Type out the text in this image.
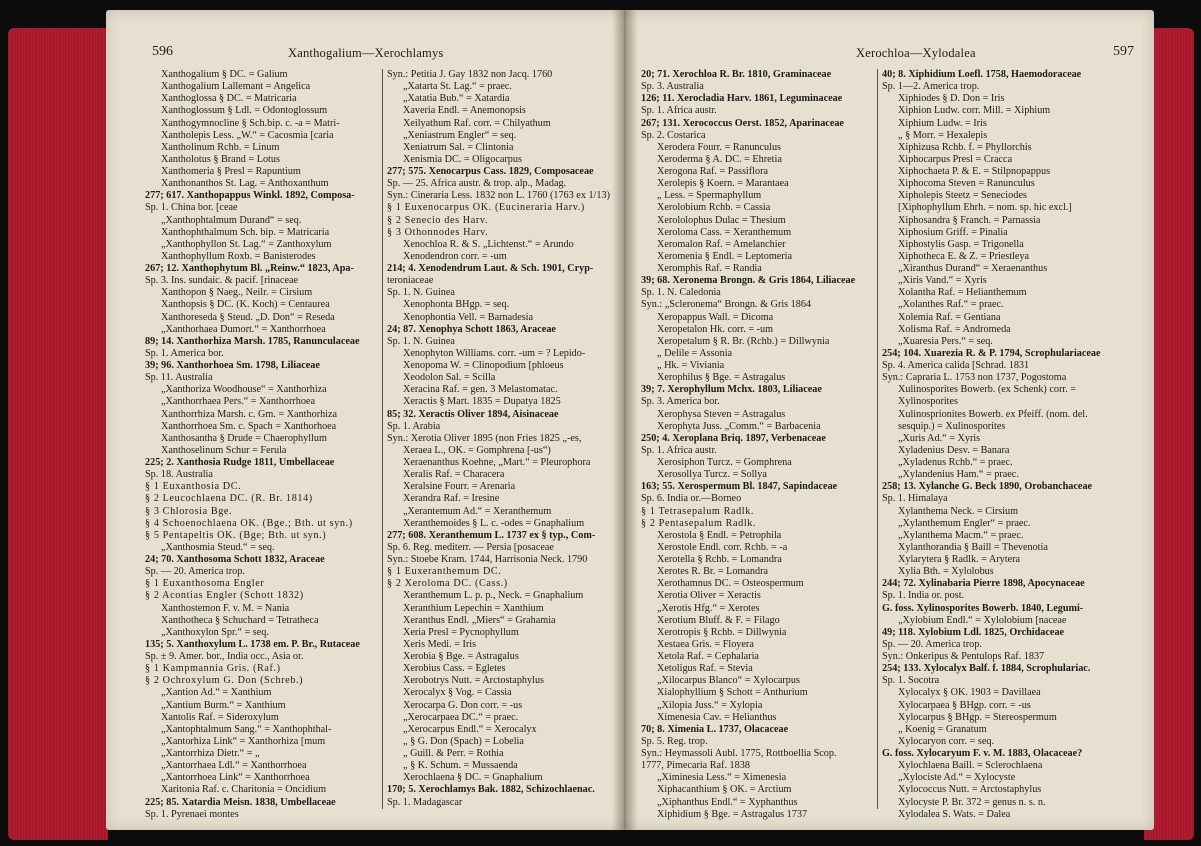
596	Xanthogalium—Xerochlamys
Xanthogalium § DC. = Galium
Xanthogalium Lallemant = Angelica
Xanthoglossa § DC. = Matricaria
Xanthoglossum § Ldl. = Odontoglossum
Xanthogymnocline § Sch.bip. c. -a = Matri-
Xantholepis Less. „W.“ = Cacosmia [caria
Xantholinum Rchb. = Linum
Xantholotus § Brand = Lotus
Xanthomeria § Presl = Rapuntium
Xanthonanthos St. Lag. = Anthoxanthum
277; 617. Xanthopappus Winkl. 1892, Composa-
Sp. 1. China bor. [ceae
„Xanthophtalmum Durand“ = seq.
Xanthophthalmum Sch. bip. = Matricaria
„Xanthophyllon St. Lag.“ = Zanthoxylum
Xanthophyllum Roxb. = Banisterodes
267; 12. Xanthophytum Bl. „Reinw.“ 1823, Apa-
Sp. 3. Ins. sundaic. & pacif. [rinaceae
Xanthopon § Naeg., Neilr. = Cirsium
Xanthopsis § DC. (K. Koch) = Centaurea
Xanthoreseda § Steud. „D. Don“ = Reseda
„Xanthorhaea Dumort.“ = Xanthorrhoea
89; 14. Xanthorhiza Marsh. 1785, Ranunculaceae
Sp. 1. America bor.
39; 96. Xanthorhoea Sm. 1798, Liliaceae
Sp. 11. Australia
„Xanthoriza Woodhouse“ = Xanthorhiza
„Xanthorrhaea Pers.“ = Xanthorrhoea
Xanthorrhiza Marsh. c. Gm. = Xanthorhiza
Xanthorrhoea Sm. c. Spach = Xanthorhoea
Xanthosantha § Drude = Chaerophyllum
Xanthoselinum Schur = Ferula
225; 2. Xanthosia Rudge 1811, Umbellaceae
Sp. 18. Australia
§ 1 Euxanthosia DC.
§ 2 Leucochlaena DC. (R. Br. 1814)
§ 3 Chlorosia Bge.
§ 4 Schoenochlaena OK. (Bge.; Bth. ut syn.)
§ 5 Pentapeltis OK. (Bge; Bth. ut syn.)
„Xanthosmia Steud.“ = seq.
24; 70. Xanthosoma Schott 1832, Araceae
Sp. — 20. America trop.
§ 1 Euxanthosoma Engler
§ 2 Acontias Engler (Schott 1832)
Xanthostemon F. v. M. = Nania
Xanthotheca § Schuchard = Tetratheca
„Xanthoxylon Spr.“ = seq.
135; 5. Xanthoxylum L. 1738 em. P. Br., Rutaceae
Sp. ± 9. Amer. bor., India occ., Asia or.
§ 1 Kampmannia Gris. (Raf.)
§ 2 Ochroxylum G. Don (Schreb.)
„Xantion Ad.“ = Xanthium
„Xantium Burm.“ = Xanthium
Xantolis Raf. = Sideroxylum
„Xantophtalmum Sang.“ = Xanthophthal-
„Xantorhiza Link“ = Xanthorhiza [mum
„Xantorrhiza Dietr.“ = „
„Xantorrhaea Ldl.“ = Xanthorrhoea
„Xantorrhoea Link“ = Xanthorrhoea
Xaritonia Raf. c. Charitonia = Oncidium
225; 85. Xatardia Meisn. 1838, Umbellaceae
Sp. 1. Pyrenaei montes
Syn.: Petitia J. Gay 1832 non Jacq. 1760
„Xatarta St. Lag.“ = praec.
„Xatatia Bub.“ = Xatardia
Xaveria Endl. = Anemonopsis
Xeilyathum Raf. corr. = Chilyathum
„Xeniastrum Engler“ = seq.
Xeniatrum Sal. = Clintonia
Xenismia DC. = Oligocarpus
277; 575. Xenocarpus Cass. 1829, Composaceae
Sp. — 25. Africa austr. & trop. alp., Madag.
Syn.: Cineraria Less. 1832 non L. 1760 (1763 ex 1/13)
§ 1 Euxenocarpus OK. (Eucineraria Harv.)
§ 2 Senecio des Harv.
§ 3 Othonnodes Harv.
Xenochloa R. & S. „Lichtenst.“ = Arundo
Xenodendron corr. = -um
214; 4. Xenodendrum Laut. & Sch. 1901, Cryp-
teroniaceae
Sp. 1. N. Guinea
Xenophonta BHgp. = seq.
Xenophontia Vell. = Barnadesia
24; 87. Xenophya Schott 1863, Araceae
Sp. 1. N. Guinea
Xenophyton Williams. corr. -um = ? Lepido-
Xenopoma W. = Clinopodium [phloeus
Xeodolon Sal. = Scilla
Xeracina Raf. = gen. 3 Melastomatac.
Xeractis § Mart. 1835 = Dupatya 1825
85; 32. Xeractis Oliver 1894, Aisinaceae
Sp. 1. Arabia
Syn.: Xerotia Oliver 1895 (non Fries 1825 „-es,
Xeraea L., OK. = Gomphrena [-us“)
Xeraenanthus Koehne, „Mart.“ = Pleurophora
Xeralis Raf. = Characera
Xeralsine Fourr. = Arenaria
Xerandra Raf. = Iresine
„Xerantemum Ad.“ = Xeranthemum
Xeranthemoides § L. c. -odes = Gnaphalium
277; 608. Xeranthemum L. 1737 ex § typ., Com-
Sp. 6. Reg. mediterr. — Persia [posaceae
Syn.: Stoebe Kram. 1744, Harrisonia Neck. 1790
§ 1 Euxeranthemum DC.
§ 2 Xeroloma DC. (Cass.)
Xeranthemum L. p. p., Neck. = Gnaphalium
Xeranthium Lepechin = Xanthium
Xeranthus Endl. „Miers“ = Grahamia
Xeria Presl = Pycnophyllum
Xeris Medi. = Iris
Xerobia § Bge. = Astragalus
Xerobius Cass. = Egletes
Xerobotrys Nutt. = Arctostaphylus
Xerocalyx § Vog. = Cassia
Xerocarpa G. Don corr. = -us
„Xerocarpaea DC.“ = praec.
„Xerocarpus Endl.“ = Xerocalyx
„ § G. Don (Spach) = Lobelia
„ Guill. & Perr. = Rothia
„ § K. Schum. = Mussaenda
Xerochlaena § DC. = Gnaphalium
170; 5. Xerochlamys Bak. 1882, Schizochlaenac.
Sp. 1. Madagascar
597
Xerochloa—Xylodalea
20; 71. Xerochloa R. Br. 1810, Graminaceae
Sp. 3. Australia
126; 11. Xerocladia Harv. 1861, Leguminaceae
Sp. 1. Africa austr.
267; 131. Xerococcus Oerst. 1852, Aparinaceae
Sp. 2. Costarica
Xerodera Fourr. = Ranunculus
Xeroderma § A. DC. = Ehretia
Xerogona Raf. = Passiflora
Xerolepis § Koern. = Marantaea
„ Less. = Spermaphyllum
Xerolobium Rchb. = Cassia
Xerololophus Dulac = Thesium
Xeroloma Cass. = Xeranthemum
Xeromalon Raf. = Amelanchier
Xeromenia § Endl. = Leptomeria
Xeromphis Raf. = Randia
39; 68. Xeronema Brongn. & Gris 1864, Liliaceae
Sp. 1. N. Caledonia
Syn.: „Scleronema“ Brongn. & Gris 1864
Xeropappus Wall. = Dicoma
Xeropetalon Hk. corr. = -um
Xeropetalum § R. Br. (Rchb.) = Dillwynia
„ Delile = Assonia
„ Hk. = Viviania
Xerophilus § Bge. = Astragalus
39; 7. Xerophyllum Mchx. 1803, Liliaceae
Sp. 3. America bor.
Xerophysa Steven = Astragalus
Xerophyta Juss. „Comm.“ = Barbacenia
250; 4. Xeroplana Briq. 1897, Verbenaceae
Sp. 1. Africa austr.
Xerosiphon Turcz. = Gomphrena
Xerosollya Turcz. = Sollya
163; 55. Xerospermum Bl. 1847, Sapindaceae
Sp. 6. India or.—Borneo
§ 1 Tetrasepalum Radlk.
§ 2 Pentasepalum Radlk.
Xerostola § Endl. = Petrophila
Xerostole Endl. corr. Rchb. = -a
Xerotella § Rchb. = Lomandra
Xerotes R. Br. = Lomandra
Xerothamnus DC. = Osteospermum
Xerotia Oliver = Xeractis
„Xerotis Hfg.“ = Xerotes
Xerotium Bluff. & F. = Filago
Xerotropis § Rchb. = Dillwynia
Xestaea Gris. = Floyera
Xetola Raf. = Cephalaria
Xetoligus Raf. = Stevia
„Xilocarpus Blanco“ = Xylocarpus
Xialophyllium § Schott = Anthurium
„Xilopia Juss.“ = Xylopia
Ximenesia Cav. = Helianthus
70; 8. Ximenia L. 1737, Olacaceae
Sp. 5. Reg. trop.
Syn.: Heymassoli Aubl. 1775, Rottboellia Scop.
1777, Pimecaria Raf. 1838
„Ximinesia Less.“ = Ximenesia
Xiphacanthium § OK. = Arctium
„Xiphanthus Endl.“ = Xyphanthus
Xiphidium § Bge. = Astragalus 1737
40; 8. Xiphidium Loefl. 1758, Haemodoraceae
Sp. 1—2. America trop.
Xiphiodes § D. Don = Iris
Xiphion Ludw. corr. Mill. = Xiphium
Xiphium Ludw. = Iris
„ § Morr. = Hexalepis
Xiphizusa Rchb. f. = Phyllorchis
Xiphocarpus Presl = Cracca
Xiphochaeta P. & E. = Stilpnopappus
Xiphocoma Steven = Ranunculus
Xipholepis Steetz = Seneciodes
[Xiphophyllum Ehrh. = nom. sp. hic excl.]
Xiphosandra § Franch. = Parnassia
Xiphosium Griff. = Pinalia
Xiphostylis Gasp. = Trigonella
Xiphotheca E. & Z. = Priestleya
„Xiranthus Durand“ = Xeraenanthus
„Xiris Vand.“ = Xyris
Xolantha Raf. = Helianthemum
„Xolanthes Raf.“ = praec.
Xolemia Raf. = Gentiana
Xolisma Raf. = Andromeda
„Xuaresia Pers.“ = seq.
254; 104. Xuarezia R. & P. 1794, Scrophulariaceae
Sp. 4. America calida [Schrad. 1831
Syn.: Capraria L. 1753 non 1737, Pogostoma
Xulinosporites Bowerb. (ex Schenk) corr. =
Xylinosporites
Xulinosprionites Bowerb. ex Pfeiff. (nom. del.
sesquip.) = Xulinosporites
„Xuris Ad.“ = Xyris
Xyladenius Desv. = Banara
„Xyladenus Rchb.“ = praec.
„Xylandenius Ham.“ = praec.
258; 13. Xylanche G. Beck 1890, Orobanchaceae
Sp. 1. Himalaya
Xylanthema Neck. = Cirsium
„Xylanthemum Engler“ = praec.
„Xylanthema Macm.“ = praec.
Xylanthorandia § Baill = Thevenotia
Xylarytera § Radlk. = Arytera
Xylia Bth. = Xylolobus
244; 72. Xylinabaria Pierre 1898, Apocynaceae
Sp. 1. India or. post.
G. foss. Xylinosporites Bowerb. 1840, Legumi-
„Xylobium Endl.“ = Xylolobium [naceae
49; 118. Xylobium Ldl. 1825, Orchidaceae
Sp. — 20. America trop.
Syn.: Onkeripus & Pentulops Raf. 1837
254; 133. Xylocalyx Balf. f. 1884, Scrophulariac.
Sp. 1. Socotra
Xylocalyx § OK. 1903 = Davillaea
Xylocarpaea § BHgp. corr. = -us
Xylocarpus § BHgp. = Stereospermum
„ Koenig = Granatum
Xylocaryon corr. = seq.
G. foss. Xylocaryum F. v. M. 1883, Olacaceae?
Xylochlaena Baill. = Sclerochlaena
„Xylociste Ad.“ = Xylocyste
Xylococcus Nutt. = Arctostaphylus
Xylocyste P. Br. 372 = genus n. s. n.
Xylodalea S. Wats. = Dalea
